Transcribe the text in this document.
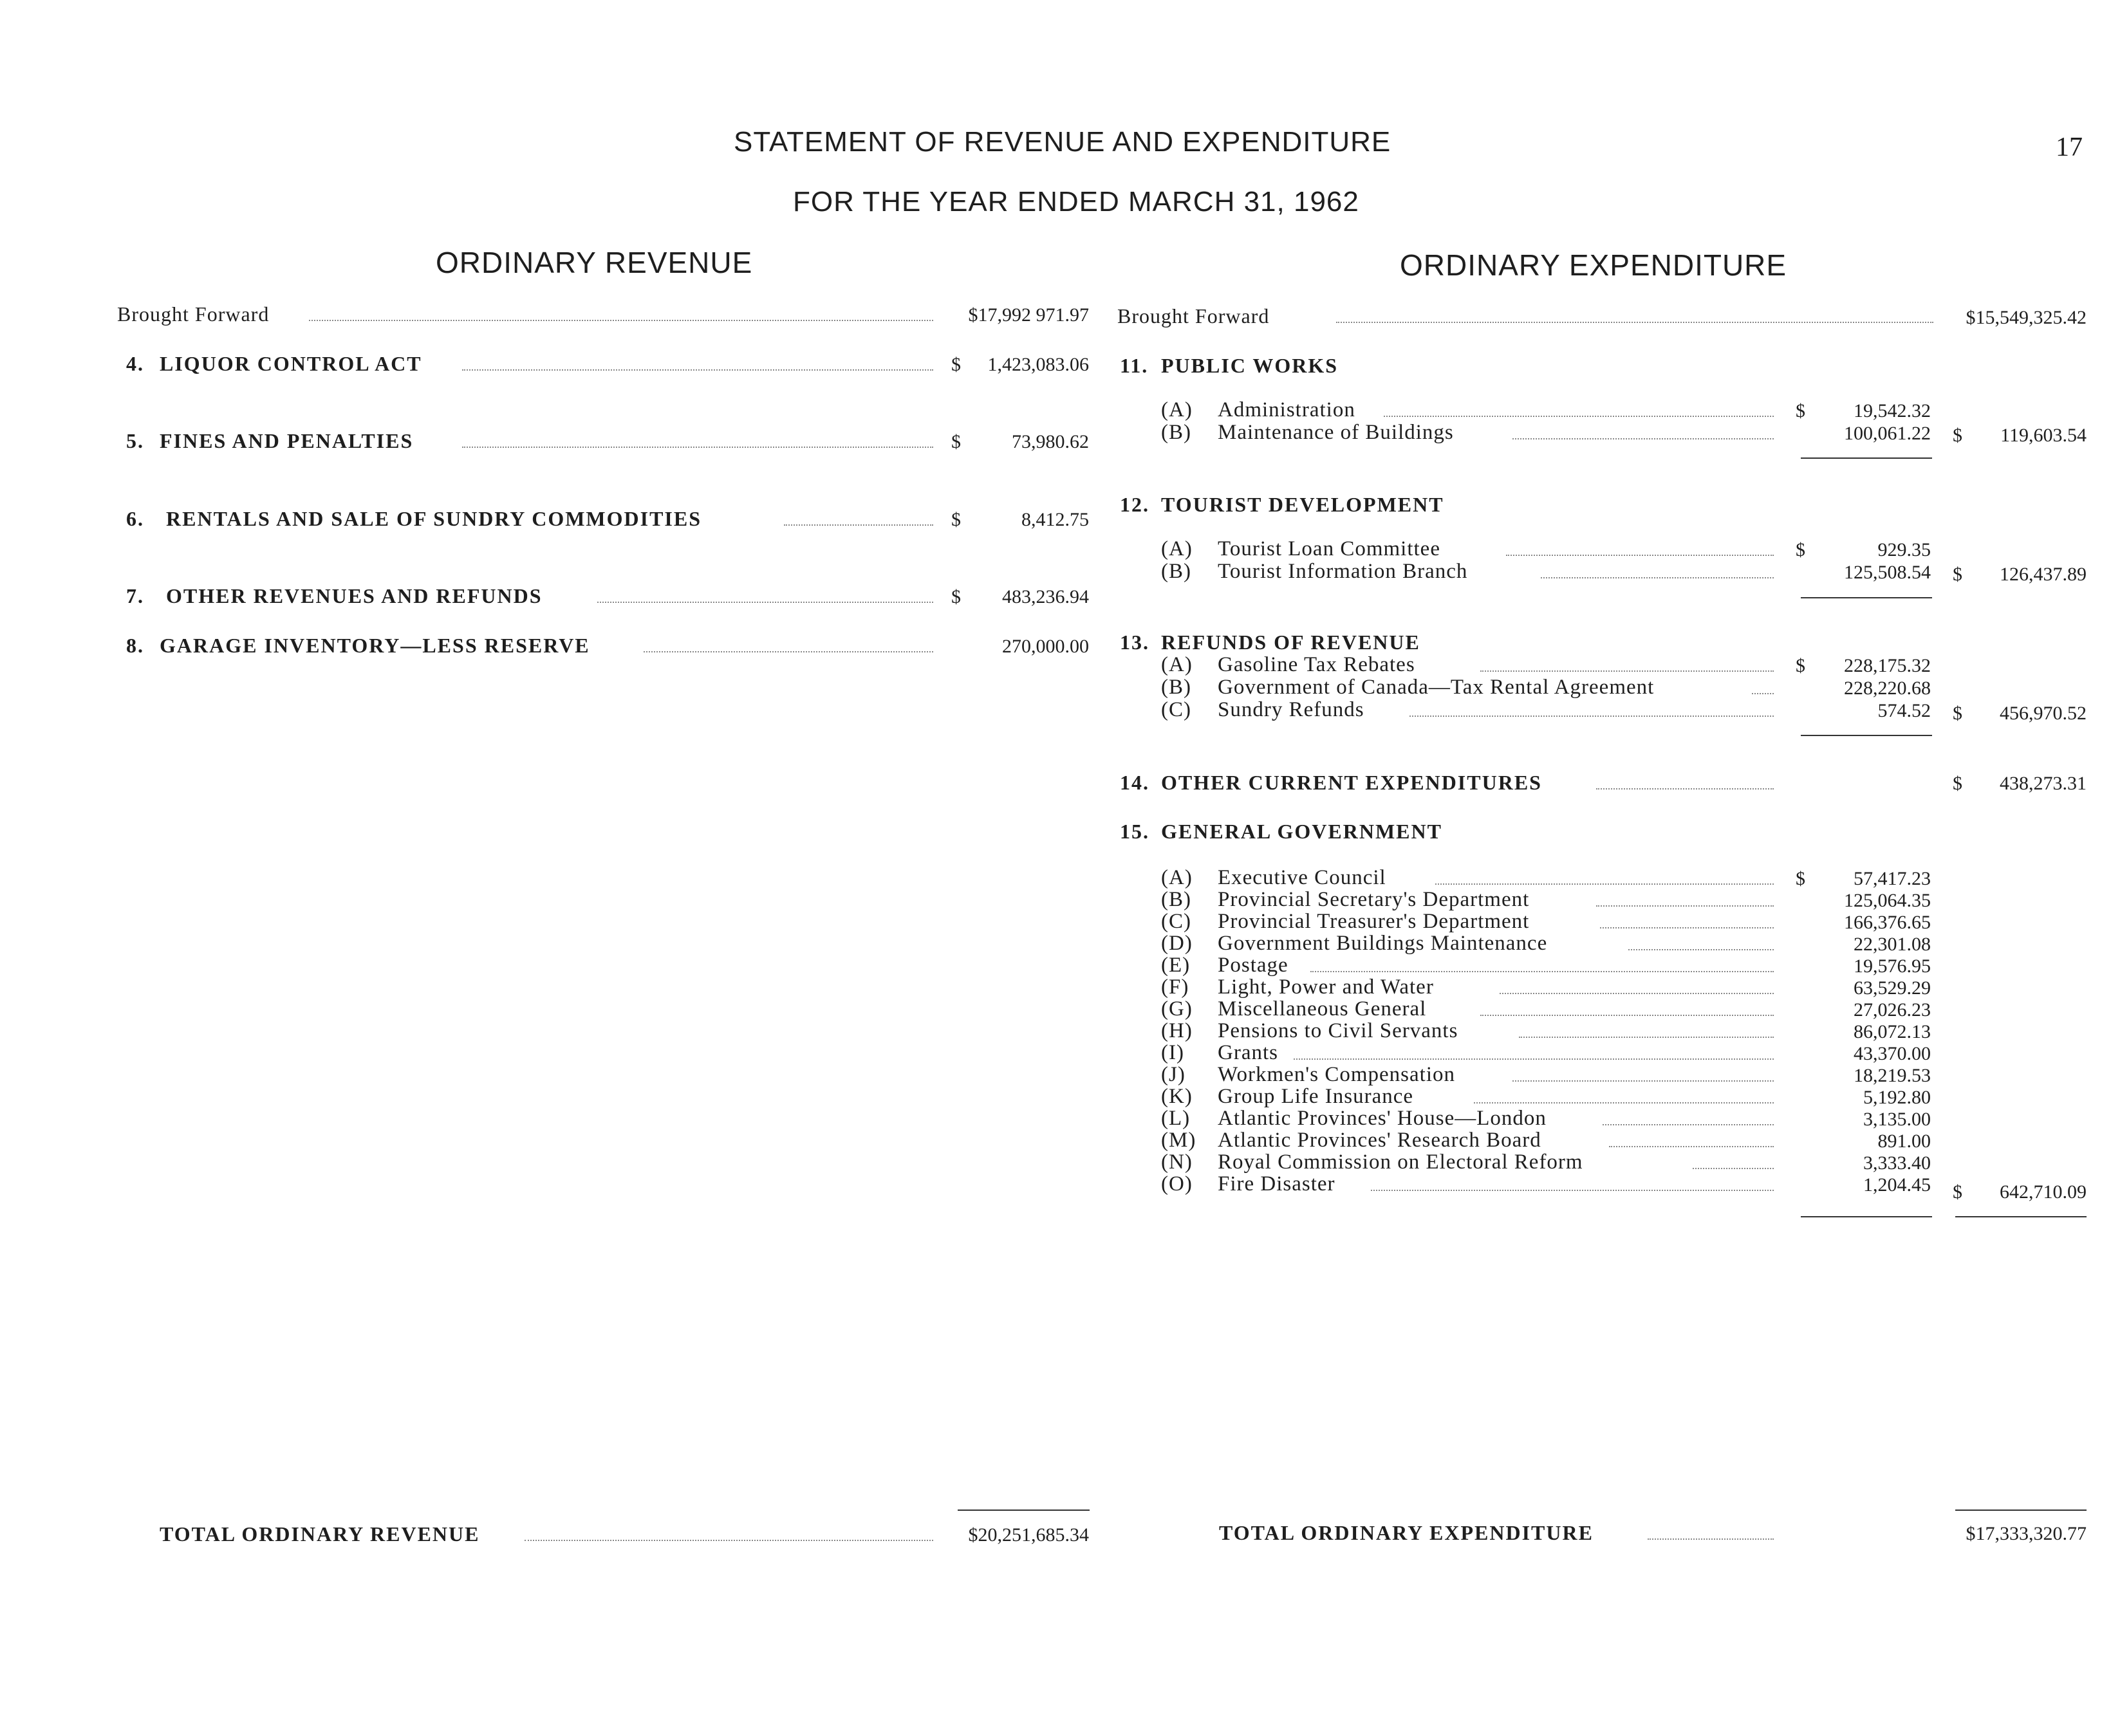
STATEMENT OF REVENUE AND EXPENDITURE
FOR THE YEAR ENDED MARCH 31, 1962
17
ORDINARY REVENUE	ORDINARY EXPENDITURE
Brought Forward	$17,992 971.97
4. LIQUOR CONTROL ACT	$	1,423,083.06
5. FINES AND PENALTIES	$	73,980.62
6. RENTALS AND SALE OF SUNDRY COMMODITIES	$	8,412.75
7. OTHER REVENUES AND REFUNDS	$	483,236.94
8. GARAGE INVENTORY—LESS RESERVE	270,000.00
TOTAL ORDINARY REVENUE	$20,251,685.34
Brought Forward	$15,549,325.42
11. PUBLIC WORKS
(A) Administration	$	19,542.32
(B) Maintenance of Buildings	100,061.22 $	119,603.54
12. TOURIST DEVELOPMENT
(A) Tourist Loan Committee	$	929.35
(B) Tourist Information Branch	125,508.54 $	126,437.89
13. REFUNDS OF REVENUE
(A) Gasoline Tax Rebates	$	228,175.32
(B) Government of Canada—Tax Rental Agreement	228,220.68
(C) Sundry Refunds	574.52 $	456,970.52
14. OTHER CURRENT EXPENDITURES	$	438,273.31
15. GENERAL GOVERNMENT
(A) Executive Council	$	57,417.23
(B) Provincial Secretary's Department	125,064.35
(C) Provincial Treasurer's Department	166,376.65
(D) Government Buildings Maintenance	22,301.08
(E) Postage	19,576.95
(F) Light, Power and Water	63,529.29
(G) Miscellaneous General	27,026.23
(H) Pensions to Civil Servants	86,072.13
(I) Grants	43,370.00
(J) Workmen's Compensation	18,219.53
(K) Group Life Insurance	5,192.80
(L) Atlantic Provinces' House—London	3,135.00
(M) Atlantic Provinces' Research Board	891.00
(N) Royal Commission on Electoral Reform	3,333.40
(O) Fire Disaster	1,204.45 $	642,710.09
TOTAL ORDINARY EXPENDITURE	$17,333,320.77
